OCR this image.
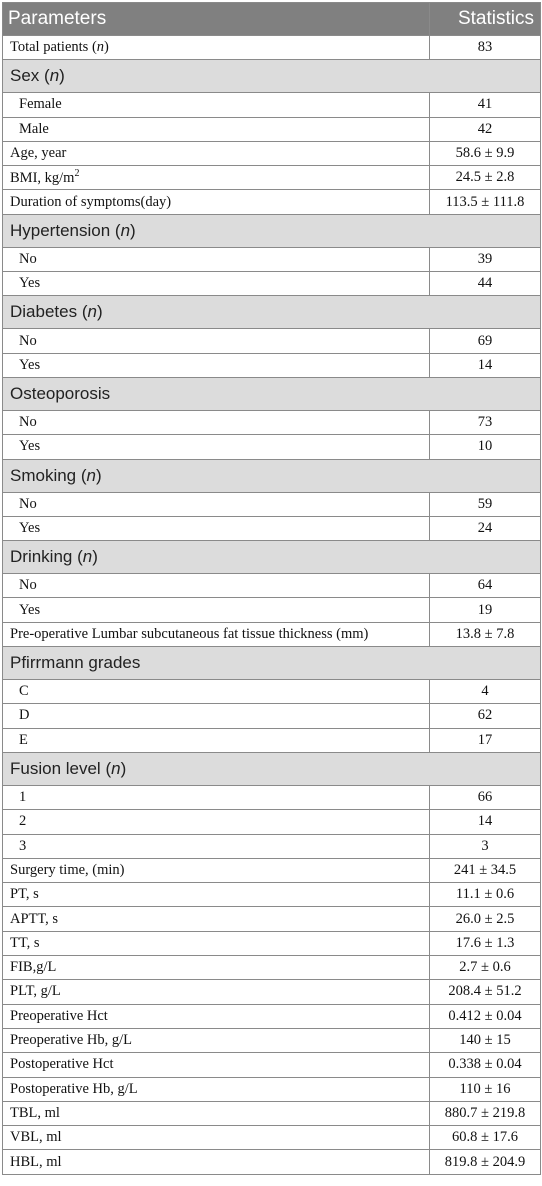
Parameters	Statistics
Total patients (n)	83
Sex (n)	
Female	41
Male	42
Age, year	58.6 ± 9.9
BMI, $kg/m^2$	24.5 ± 2.8
Duration of symptoms(day)	113.5 ± 111.8
Hypertension (n)	
No	39
Yes	44
Diabetes (n)	
No	69
Yes	14
Osteoporosis	
No	73
Yes	10
Smoking (n)	
No	59
Yes	24
Drinking (n)	
No	64
Yes	19
Pre-operative Lumbar subcutaneous fat tissue thickness (mm)	13.8 ± 7.8
Pfirrmann grades	
C	4
D	62
E	17
Fusion level (n)	
1	66
2	14
3	3
Surgery time, (min)	241 ± 34.5
PT, s	11.1 ± 0.6
APTT, s	26.0 ± 2.5
TT, s	17.6 ± 1.3
FIB,g/L	2.7 ± 0.6
PLT, g/L	208.4 ± 51.2
Preoperative Hct	0.412 ± 0.04
Preoperative Hb, g/L	140 ± 15
Postoperative Hct	0.338 ± 0.04
Postoperative Hb, g/L	110 ± 16
TBL, ml	880.7 ± 219.8
VBL, ml	60.8 ± 17.6
HBL, ml	819.8 ± 204.9
